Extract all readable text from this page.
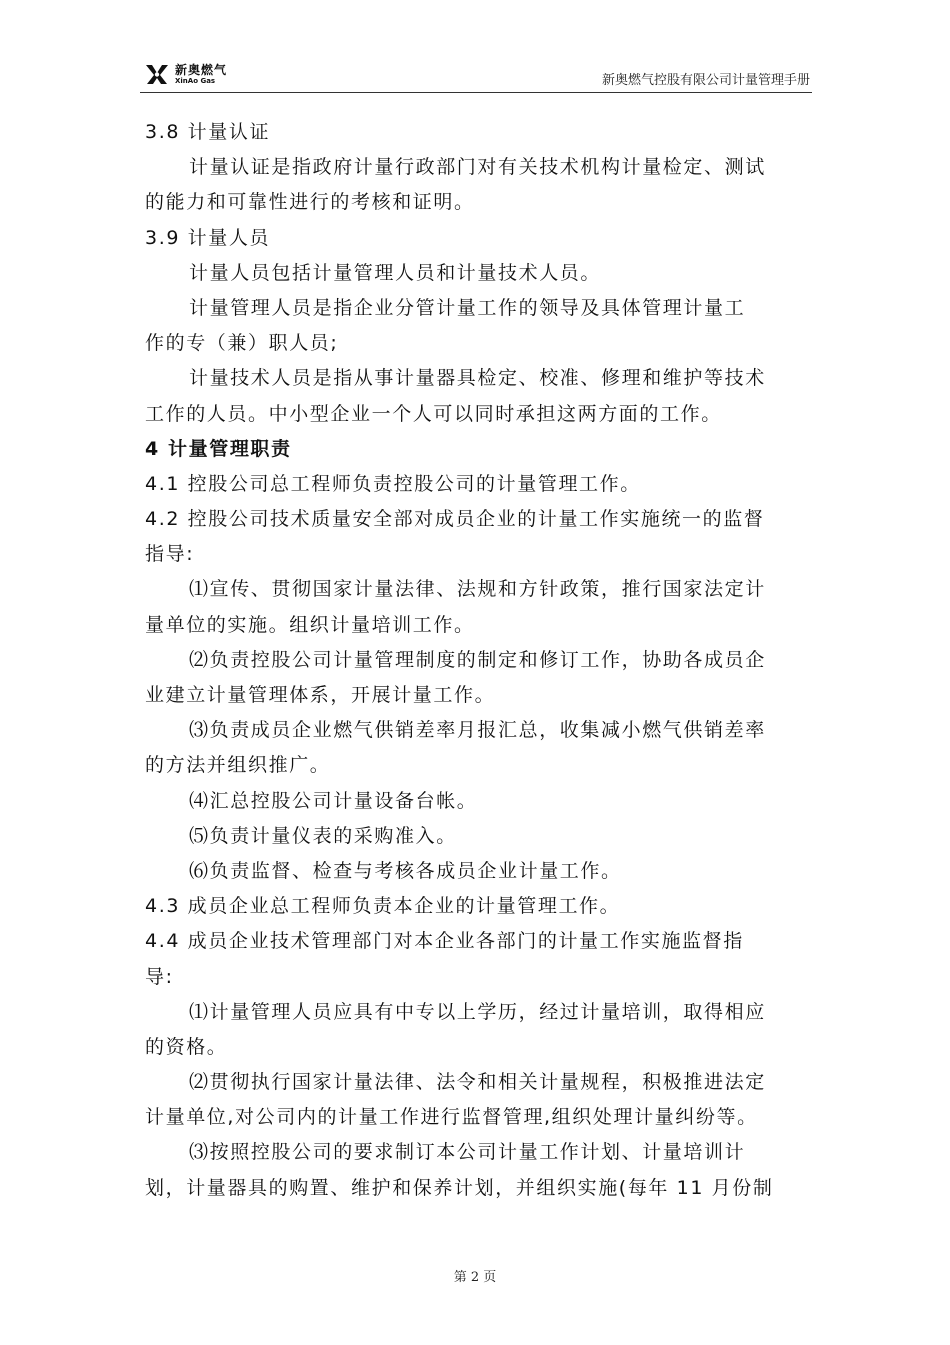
新奥燃气
XinAo Gas	新奥燃气控股有限公司计量管理手册
3.8 计量认证
计量认证是指政府计量行政部门对有关技术机构计量检定、测试
的能力和可靠性进行的考核和证明。
3.9 计量人员
计量人员包括计量管理人员和计量技术人员。
计量管理人员是指企业分管计量工作的领导及具体管理计量工
作的专（兼）职人员;
计量技术人员是指从事计量器具检定、校准、修理和维护等技术
工作的人员。中小型企业一个人可以同时承担这两方面的工作。
4 计量管理职责
4.1 控股公司总工程师负责控股公司的计量管理工作。
4.2 控股公司技术质量安全部对成员企业的计量工作实施统一的监督
指导:
⑴宣传、贯彻国家计量法律、法规和方针政策，推行国家法定计
量单位的实施。组织计量培训工作。
⑵负责控股公司计量管理制度的制定和修订工作，协助各成员企
业建立计量管理体系，开展计量工作。
⑶负责成员企业燃气供销差率月报汇总，收集减小燃气供销差率
的方法并组织推广。
⑷汇总控股公司计量设备台帐。
⑸负责计量仪表的采购准入。
⑹负责监督、检查与考核各成员企业计量工作。
4.3 成员企业总工程师负责本企业的计量管理工作。
4.4 成员企业技术管理部门对本企业各部门的计量工作实施监督指
导:
⑴计量管理人员应具有中专以上学历，经过计量培训，取得相应
的资格。
⑵贯彻执行国家计量法律、法令和相关计量规程，积极推进法定
计量单位,对公司内的计量工作进行监督管理,组织处理计量纠纷等。
⑶按照控股公司的要求制订本公司计量工作计划、计量培训计
划，计量器具的购置、维护和保养计划，并组织实施(每年 11 月份制
第 2 页
